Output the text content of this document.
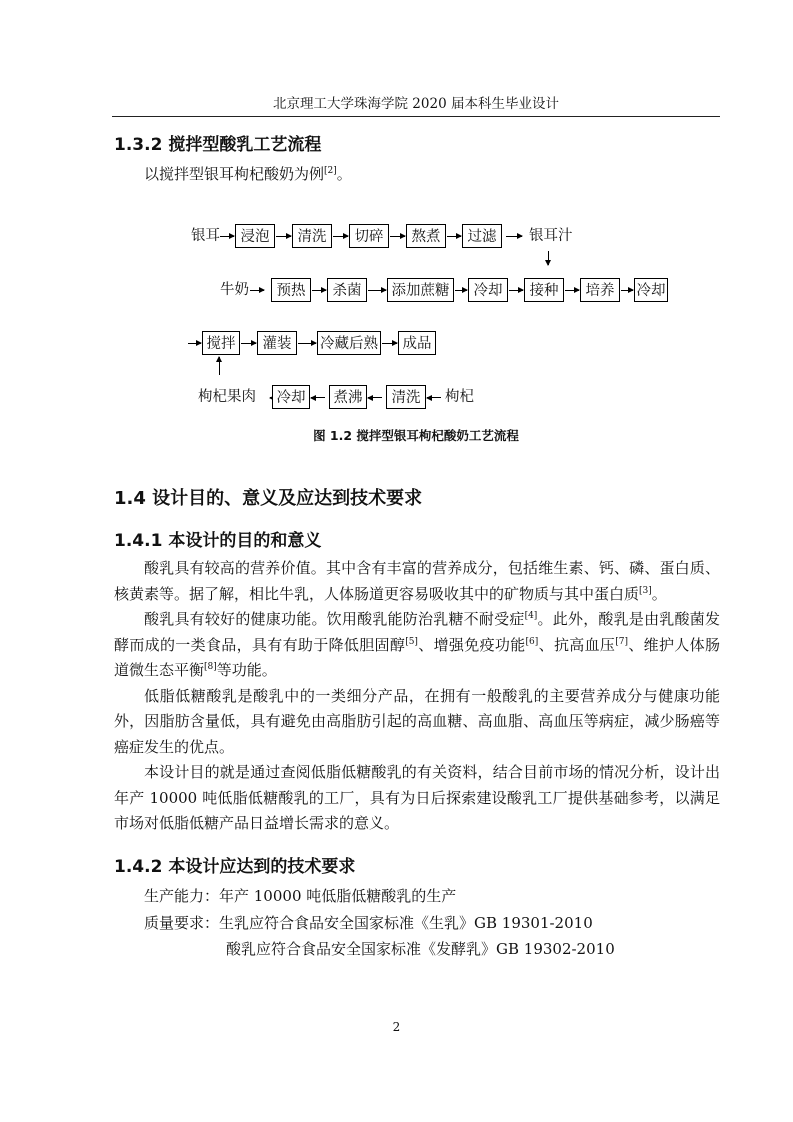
北京理工大学珠海学院 2020 届本科生毕业设计
1.3.2 搅拌型酸乳工艺流程
以搅拌型银耳枸杞酸奶为例[2]。
银耳	浸泡	清洗	切碎	熬煮	过滤	银耳汁
牛奶	预热	杀菌	添加蔗糖	冷却	接种	培养	冷却
搅拌	灌装	冷藏后熟	成品
枸杞果肉	冷却	煮沸	清洗	枸杞
图 1.2 搅拌型银耳枸杞酸奶工艺流程
1.4 设计目的、意义及应达到技术要求
1.4.1 本设计的目的和意义

酸乳具有较高的营养价值。其中含有丰富的营养成分，包括维生素、钙、磷、蛋白质、核黄素等。据了解，相比牛乳，人体肠道更容易吸收其中的矿物质与其中蛋白质[3]。

酸乳具有较好的健康功能。饮用酸乳能防治乳糖不耐受症[4]。此外，酸乳是由乳酸菌发酵而成的一类食品，具有有助于降低胆固醇[5]、增强免疫功能[6]、抗高血压[7]、维护人体肠道微生态平衡[8]等功能。

低脂低糖酸乳是酸乳中的一类细分产品，在拥有一般酸乳的主要营养成分与健康功能外，因脂肪含量低，具有避免由高脂肪引起的高血糖、高血脂、高血压等病症，减少肠癌等癌症发生的优点。

本设计目的就是通过查阅低脂低糖酸乳的有关资料，结合目前市场的情况分析，设计出年产 10000 吨低脂低糖酸乳的工厂，具有为日后探索建设酸乳工厂提供基础参考，以满足市场对低脂低糖产品日益增长需求的意义。

1.4.2 本设计应达到的技术要求
生产能力：年产 10000 吨低脂低糖酸乳的生产
质量要求：生乳应符合食品安全国家标准《生乳》GB 19301-2010
酸乳应符合食品安全国家标准《发酵乳》GB 19302-2010
2
